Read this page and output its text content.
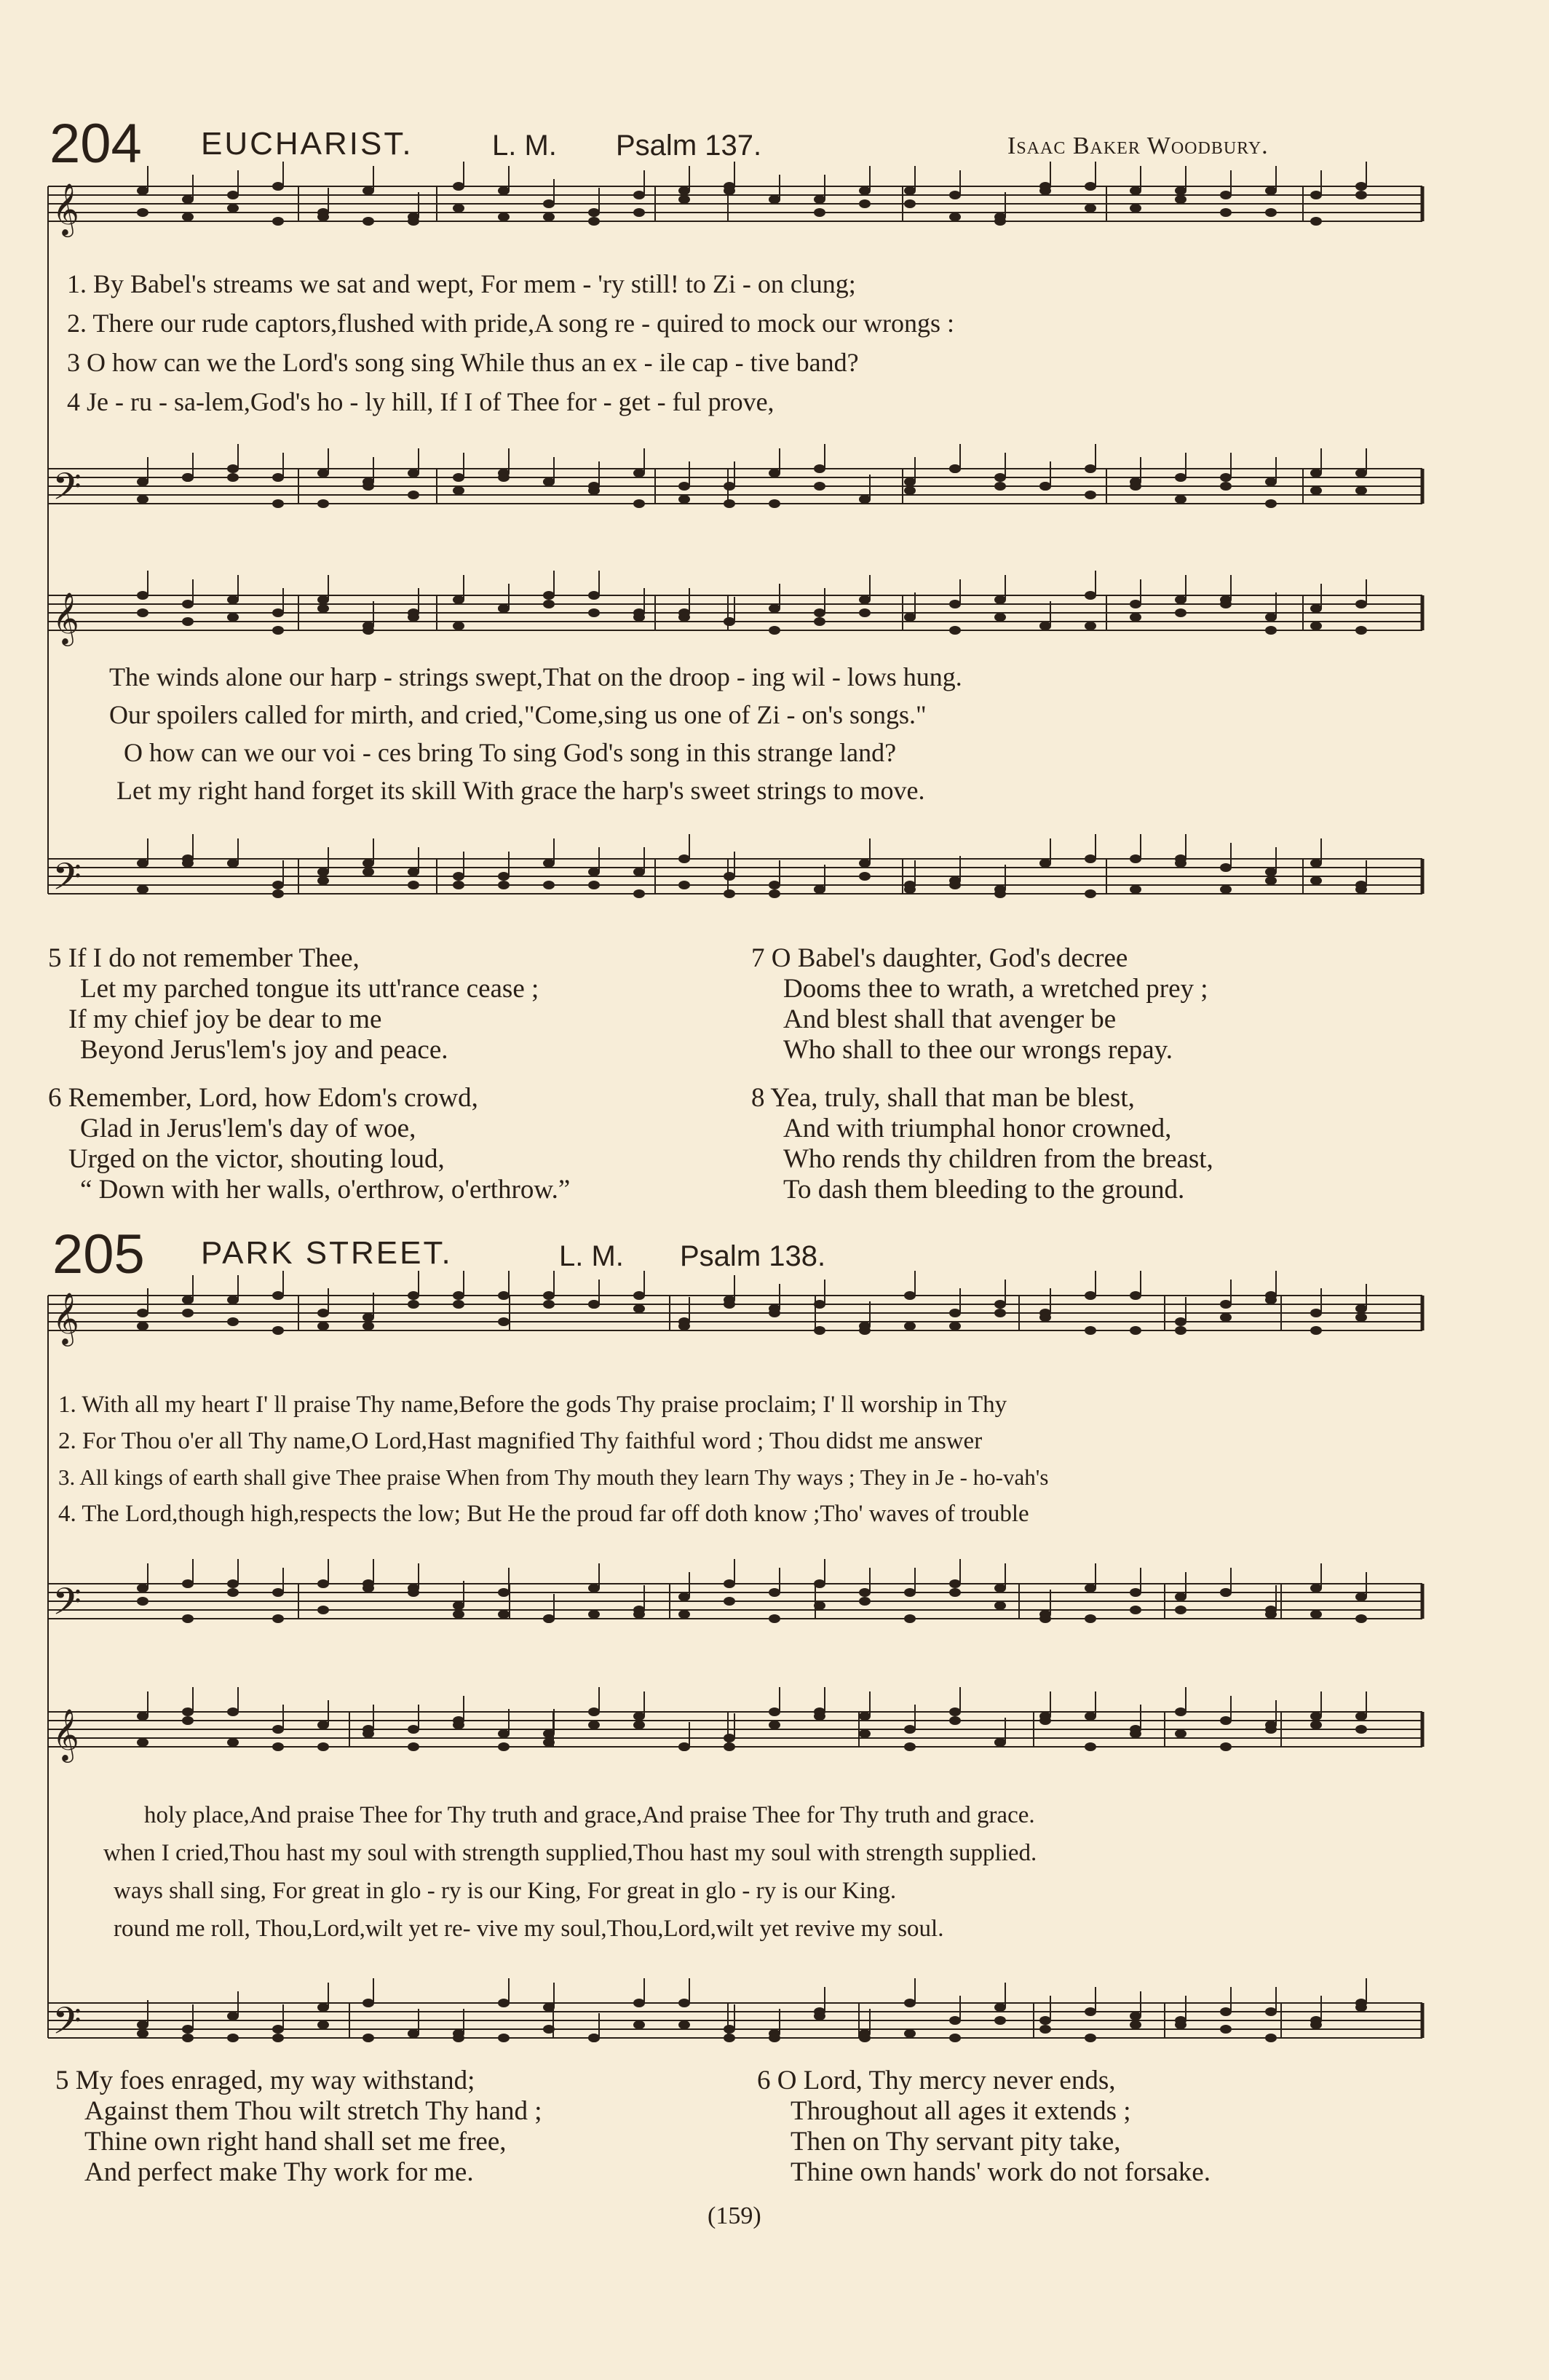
204 EUCHARIST.	L. M. Psalm 137.	Isaac Baker Woodbury.
𝄞
𝄢
𝄞
𝄢
𝄞
𝄢
𝄞
𝄢
1. By Babel's streams we sat and wept, For mem - 'ry still! to Zi - on clung;
2. There our rude captors,flushed with pride,A song re - quired to mock our wrongs :
3 O how can we the Lord's song sing While thus an ex - ile cap - tive band?
4 Je - ru - sa-lem,God's ho - ly hill, If I of Thee for - get - ful prove,
The winds alone our harp - strings swept,That on the droop - ing wil - lows hung.
Our spoilers called for mirth, and cried,"Come,sing us one of Zi - on's songs."
O how can we our voi - ces bring To sing God's song in this strange land?
Let my right hand forget its skill With grace the harp's sweet strings to move.
5 If I do not remember Thee,
Let my parched tongue its utt'rance cease ;
If my chief joy be dear to me
Beyond Jerus'lem's joy and peace.
6 Remember, Lord, how Edom's crowd,
Glad in Jerus'lem's day of woe,
Urged on the victor, shouting loud,
“ Down with her walls, o'erthrow, o'erthrow.”
7 O Babel's daughter, God's decree
Dooms thee to wrath, a wretched prey ;
And blest shall that avenger be
Who shall to thee our wrongs repay.
8 Yea, truly, shall that man be blest,
And with triumphal honor crowned,
Who rends thy children from the breast,
To dash them bleeding to the ground.
205 PARK STREET.	L. M. Psalm 138.
1. With all my heart I' ll praise Thy name,Before the gods Thy praise proclaim; I' ll worship in Thy
2. For Thou o'er all Thy name,O Lord,Hast magnified Thy faithful word ; Thou didst me answer
3. All kings of earth shall give Thee praise When from Thy mouth they learn Thy ways ; They in Je - ho-vah's
4. The Lord,though high,respects the low; But He the proud far off doth know ;Tho' waves of trouble
holy place,And praise Thee for Thy truth and grace,And praise Thee for Thy truth and grace.
when I cried,Thou hast my soul with strength supplied,Thou hast my soul with strength supplied.
ways shall sing, For great in glo - ry is our King, For great in glo - ry is our King.
round me roll, Thou,Lord,wilt yet re- vive my soul,Thou,Lord,wilt yet revive my soul.
5 My foes enraged, my way withstand;
Against them Thou wilt stretch Thy hand ;
Thine own right hand shall set me free,
And perfect make Thy work for me.
6 O Lord, Thy mercy never ends,
Throughout all ages it extends ;
Then on Thy servant pity take,
Thine own hands' work do not forsake.
(159)
